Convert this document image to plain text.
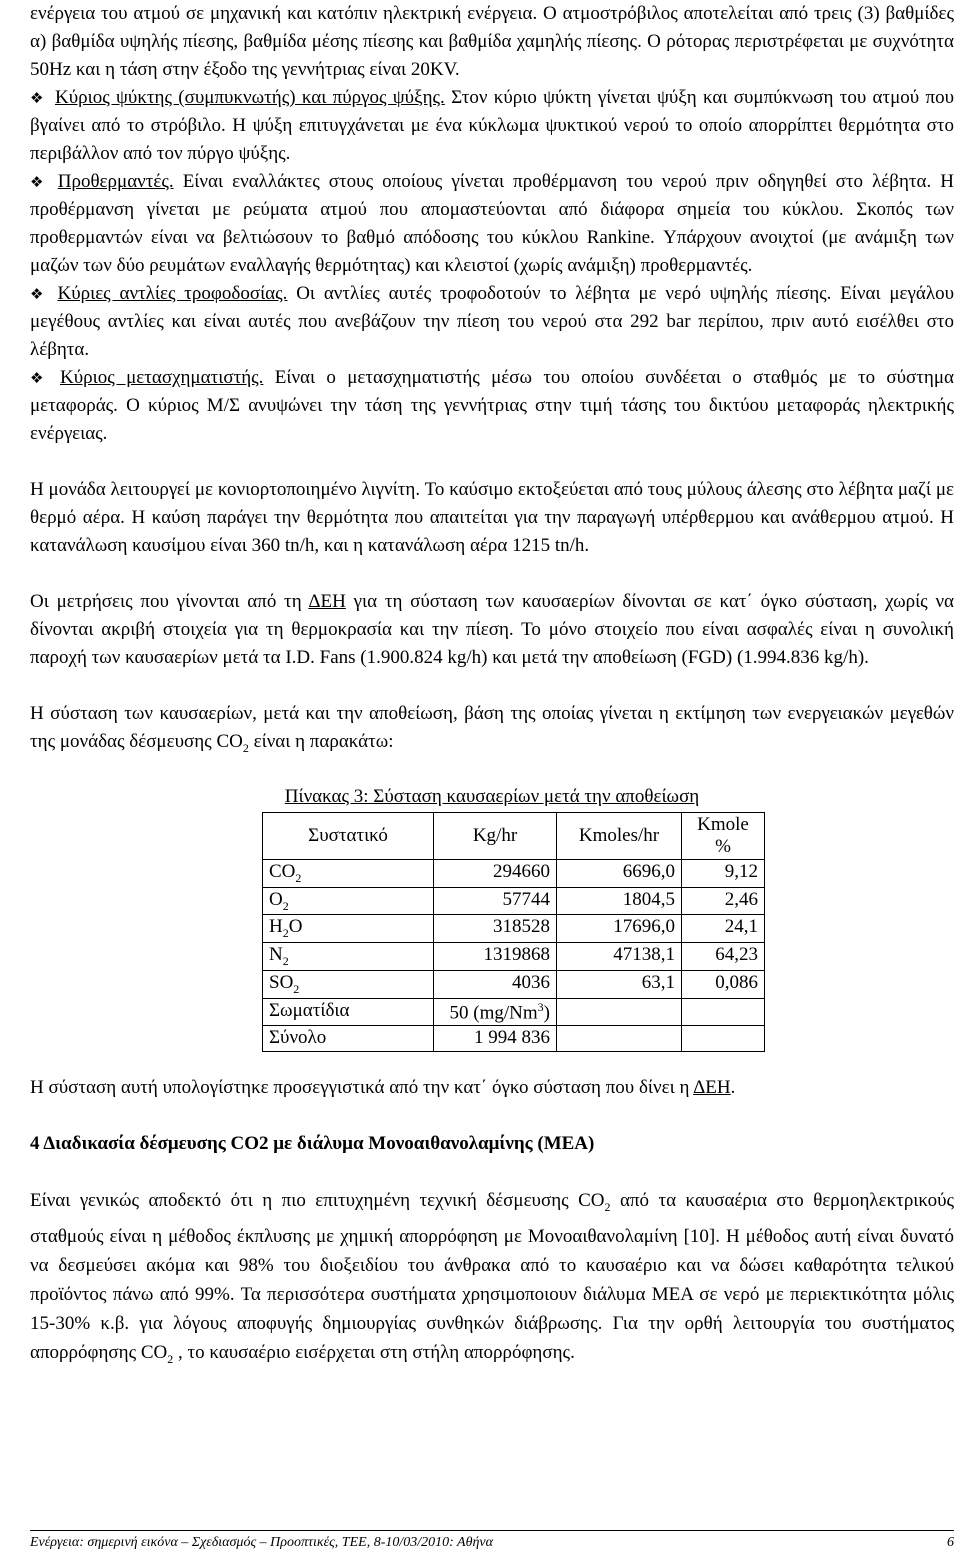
ενέργεια του ατμού σε μηχανική και κατόπιν ηλεκτρική ενέργεια. Ο ατμοστρόβιλος αποτελείται από τρεις (3) βαθμίδες α) βαθμίδα υψηλής πίεσης, βαθμίδα μέσης πίεσης και βαθμίδα χαμηλής πίεσης. Ο ρότορας περιστρέφεται με συχνότητα 50Hz και η τάση στην έξοδο της γεννήτριας είναι 20KV.

❖ Κύριος ψύκτης (συμπυκνωτής) και πύργος ψύξης. Στον κύριο ψύκτη γίνεται ψύξη και συμπύκνωση του ατμού που βγαίνει από το στρόβιλο. Η ψύξη επιτυγχάνεται με ένα κύκλωμα ψυκτικού νερού το οποίο απορρίπτει θερμότητα στο περιβάλλον από τον πύργο ψύξης.

❖ Προθερμαντές. Είναι εναλλάκτες στους οποίους γίνεται προθέρμανση του νερού πριν οδηγηθεί στο λέβητα. Η προθέρμανση γίνεται με ρεύματα ατμού που απομαστεύονται από διάφορα σημεία του κύκλου. Σκοπός των προθερμαντών είναι να βελτιώσουν το βαθμό απόδοσης του κύκλου Rankine. Υπάρχουν ανοιχτοί (με ανάμιξη των μαζών των δύο ρευμάτων εναλλαγής θερμότητας) και κλειστοί (χωρίς ανάμιξη) προθερμαντές.

❖ Κύριες αντλίες τροφοδοσίας. Οι αντλίες αυτές τροφοδοτούν το λέβητα με νερό υψηλής πίεσης. Είναι μεγάλου μεγέθους αντλίες και είναι αυτές που ανεβάζουν την πίεση του νερού στα 292 bar περίπου, πριν αυτό εισέλθει στο λέβητα.

❖ Κύριος μετασχηματιστής. Είναι ο μετασχηματιστής μέσω του οποίου συνδέεται ο σταθμός με το σύστημα μεταφοράς. Ο κύριος Μ/Σ ανυψώνει την τάση της γεννήτριας στην τιμή τάσης του δικτύου μεταφοράς ηλεκτρικής ενέργειας.

Η μονάδα λειτουργεί με κονιορτοποιημένο λιγνίτη. Το καύσιμο εκτοξεύεται από τους μύλους άλεσης στο λέβητα μαζί με θερμό αέρα. Η καύση παράγει την θερμότητα που απαιτείται για την παραγωγή υπέρθερμου και ανάθερμου ατμού. Η κατανάλωση καυσίμου είναι 360 tn/h, και η κατανάλωση αέρα 1215 tn/h.

Οι μετρήσεις που γίνονται από τη ΔΕΗ για τη σύσταση των καυσαερίων δίνονται σε κατ΄ όγκο σύσταση, χωρίς να δίνονται ακριβή στοιχεία για τη θερμοκρασία και την πίεση. Το μόνο στοιχείο που είναι ασφαλές είναι η συνολική παροχή των καυσαερίων μετά τα I.D. Fans (1.900.824 kg/h) και μετά την αποθείωση (FGD) (1.994.836 kg/h).

Η σύσταση των καυσαερίων, μετά και την αποθείωση, βάση της οποίας γίνεται η εκτίμηση των ενεργειακών μεγεθών της μονάδας δέσμευσης $CO_2$ είναι η παρακάτω:

Πίνακας 3: Σύσταση καυσαερίων μετά την αποθείωση

Συστατικό	Kg/hr	Kmoles/hr	Kmole %
$CO_2$	294660	6696,0	9,12
$O_2$	57744	1804,5	2,46
$H_2O$	318528	17696,0	24,1
$N_2$	1319868	47138,1	64,23
$SO_2$	4036	63,1	0,086
Σωματίδια	50 (mg/Nm$^3$)		
Σύνολο	1 994 836		

Η σύσταση αυτή υπολογίστηκε προσεγγιστικά από την κατ΄ όγκο σύσταση που δίνει η ΔΕΗ.

4 Διαδικασία δέσμευσης CO2 με διάλυμα Μονοαιθανολαμίνης (MEA)

Είναι γενικώς αποδεκτό ότι η πιο επιτυχημένη τεχνική δέσμευσης $CO_2$ από τα καυσαέρια στο θερμοηλεκτρικούς σταθμούς είναι η μέθοδος έκπλυσης με χημική απορρόφηση με Μονοαιθανολαμίνη [10]. Η μέθοδος αυτή είναι δυνατό να δεσμεύσει ακόμα και 98% του διοξειδίου του άνθρακα από το καυσαέριο και να δώσει καθαρότητα τελικού προϊόντος πάνω από 99%. Τα περισσότερα συστήματα χρησιμοποιουν διάλυμα MEA σε νερό με περιεκτικότητα μόλις 15-30% κ.β. για λόγους αποφυγής δημιουργίας συνθηκών διάβρωσης. Για την ορθή λειτουργία του συστήματος απορρόφησης $CO_2$ , το καυσαέριο εισέρχεται στη στήλη απορρόφησης.

Ενέργεια: σημερινή εικόνα – Σχεδιασμός – Προοπτικές, ΤΕΕ, 8-10/03/2010: Αθήνα	6
